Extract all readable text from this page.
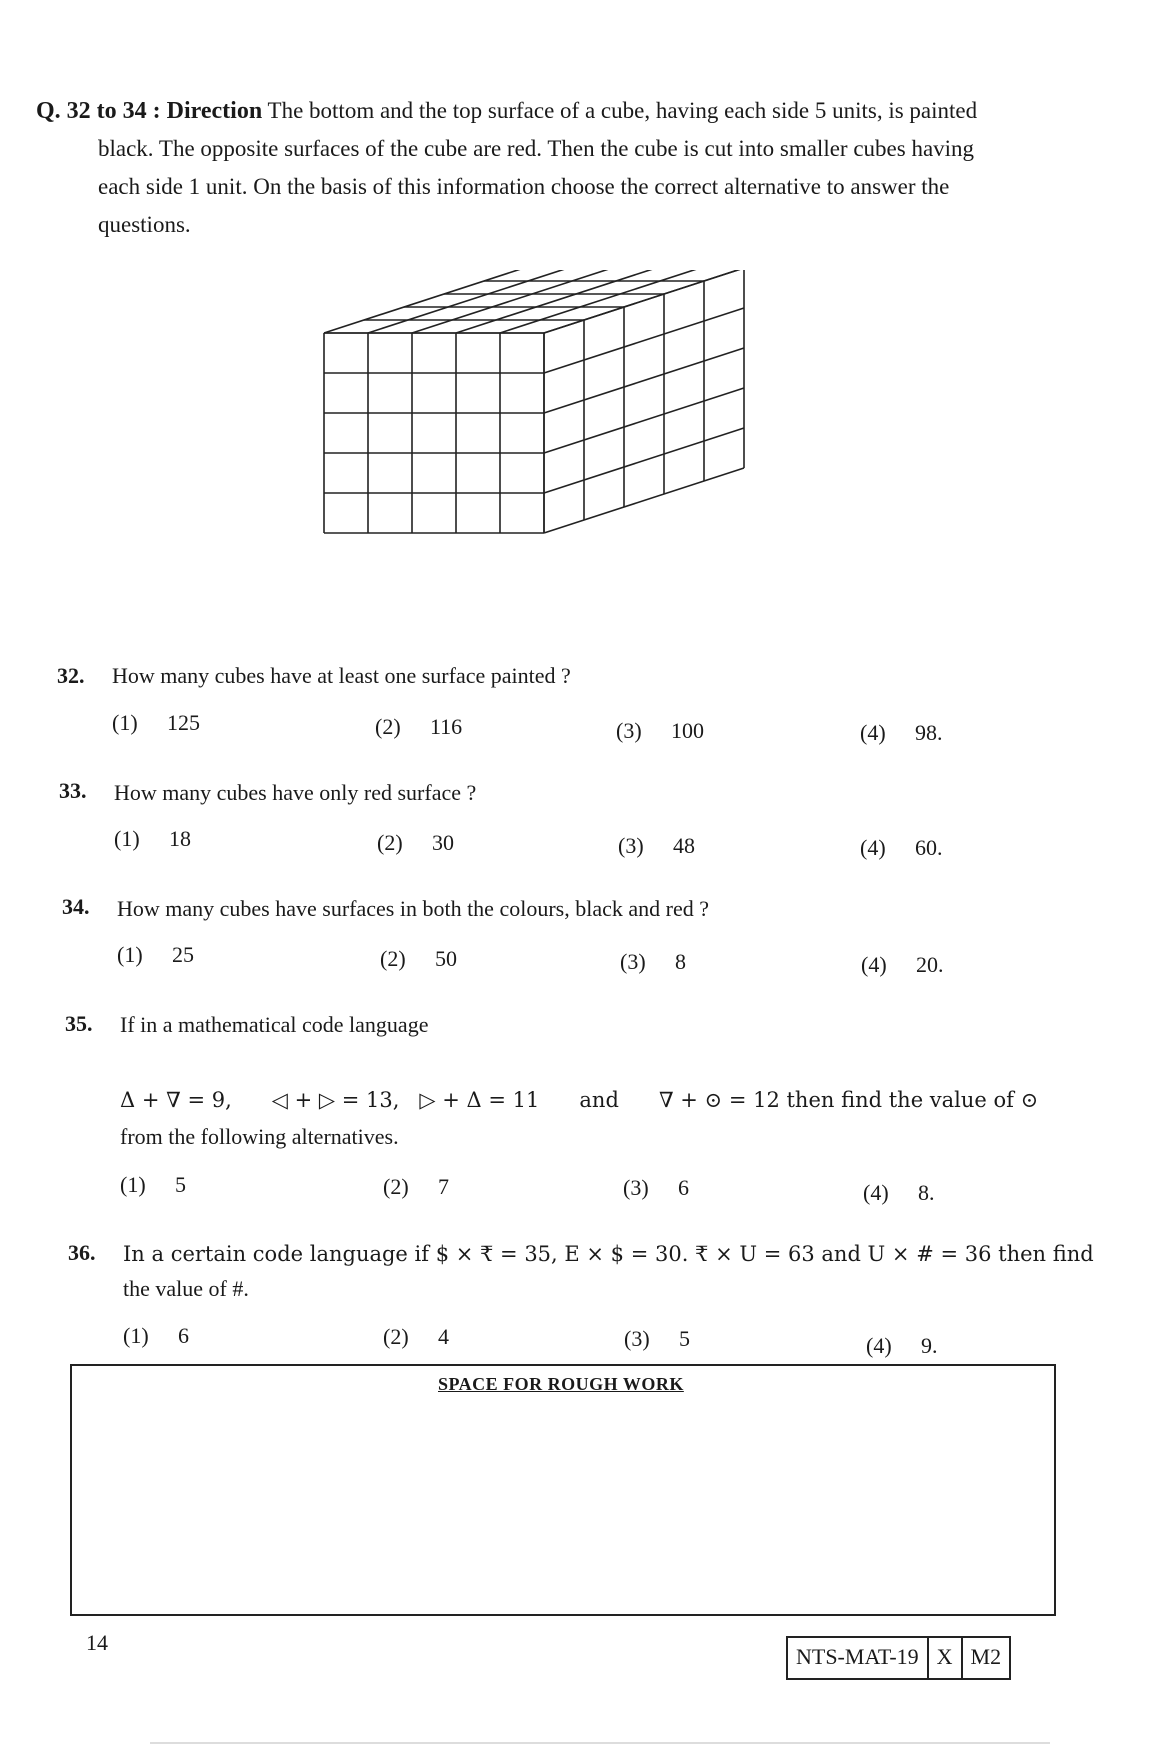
Q. 32 to 34 : Direction The bottom and the top surface of a cube, having each side 5 units, is painted
black. The opposite surfaces of the cube are red. Then the cube is cut into smaller cubes having
each side 1 unit. On the basis of this information choose the correct alternative to answer the
questions.
32. How many cubes have at least one surface painted ?
(1) 125	(2) 116	(3) 100	(4) 98.
33. How many cubes have only red surface ?
(1) 18	(2) 30	(3) 48	(4) 60.
34. How many cubes have surfaces in both the colours, black and red ?
(1) 25	(2) 50	(3) 8	(4) 20.
35. If in a mathematical code language
Δ + ∇ = 9,      ◁ + ▷ = 13,   ▷ + Δ = 11      and      ∇ + ⊙ = 12 then find the value of ⊙
from the following alternatives.
(1) 5	(2) 7	(3) 6	(4) 8.
36. In a certain code language if $ × ₹ = 35, E × $ = 30. ₹ × U = 63 and U × # = 36 then find
the value of #.
(1) 6	(2) 4	(3) 5	(4) 9.
SPACE FOR ROUGH WORK
14
NTS-MAT-19 X M2
